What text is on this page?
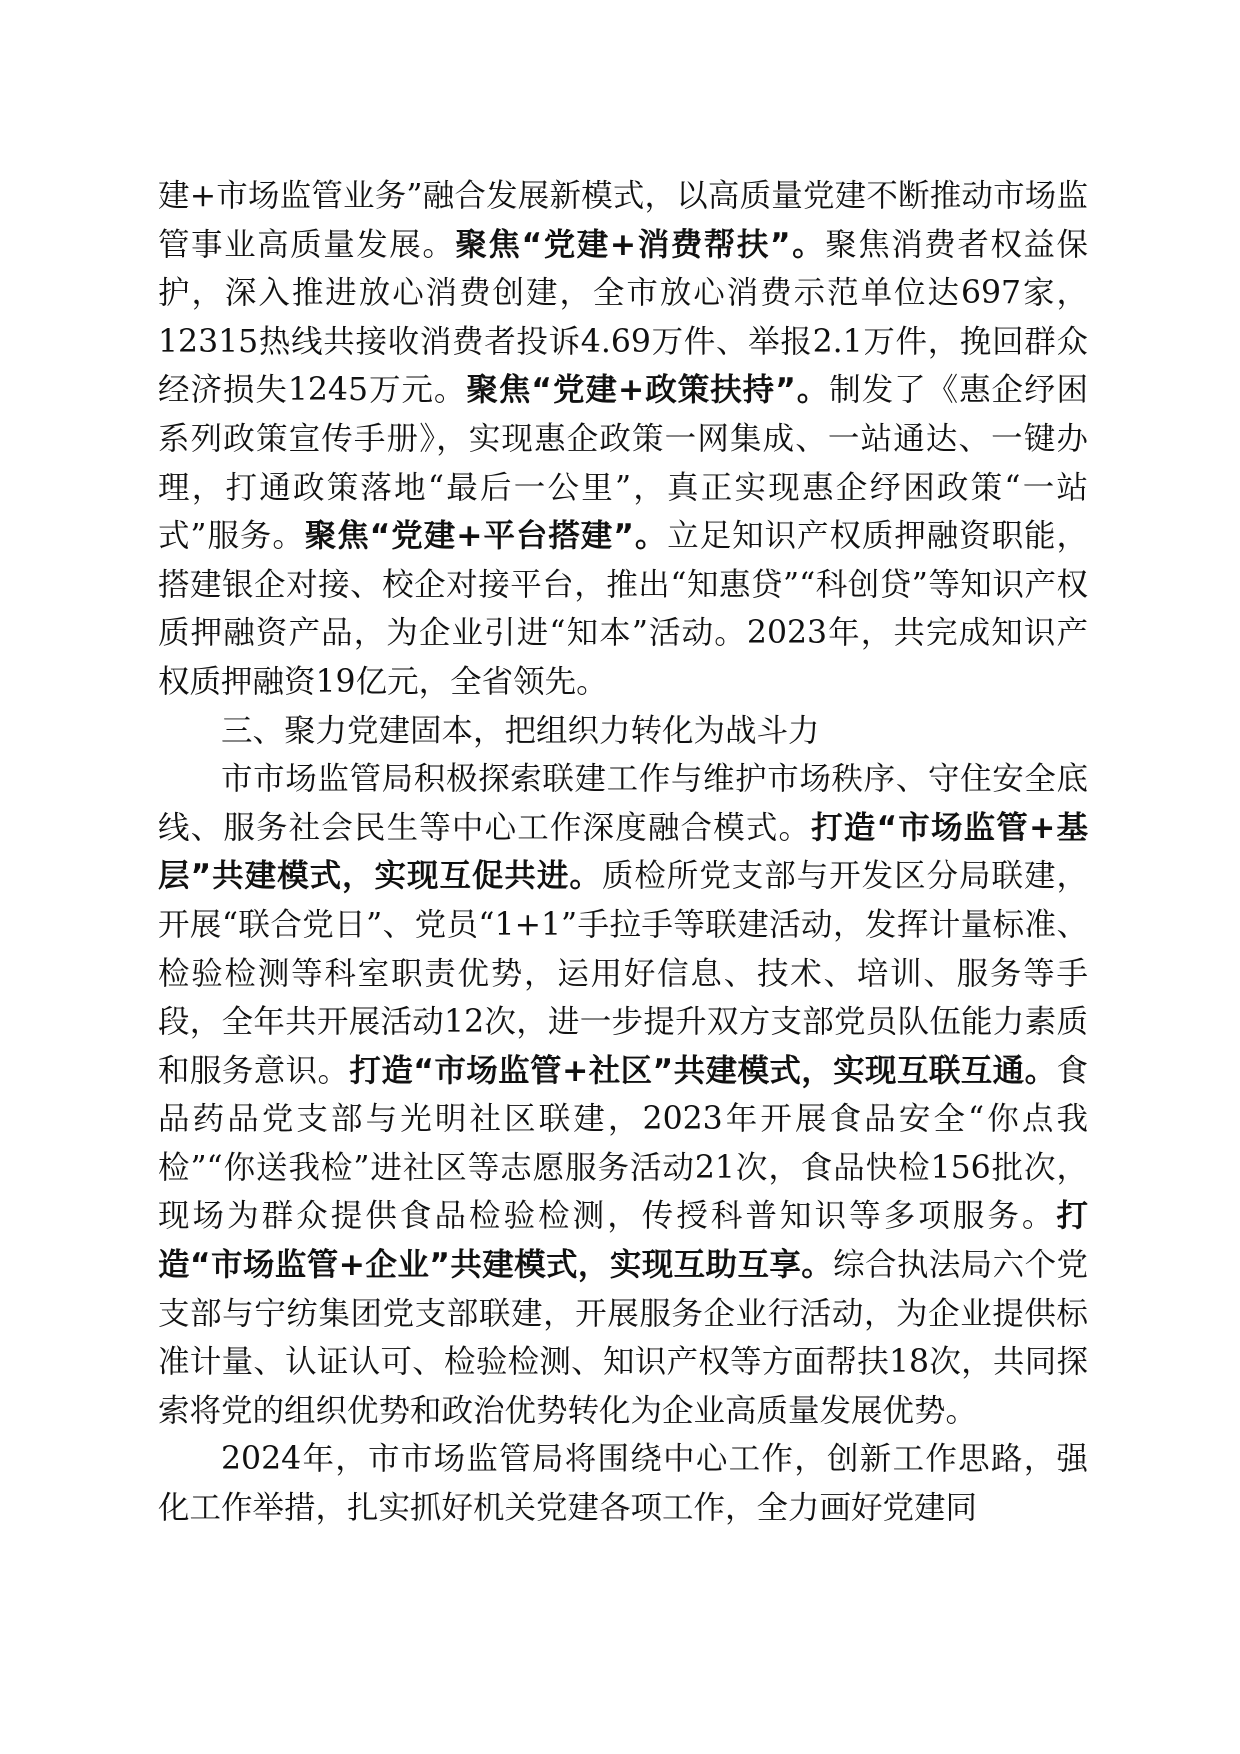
建+市场监管业务”融合发展新模式，以高质量党建不断推动市场监管事业高质量发展。聚焦“党建+消费帮扶”。聚焦消费者权益保护，深入推进放心消费创建，全市放心消费示范单位达697家，12315热线共接收消费者投诉4.69万件、举报2.1万件，挽回群众经济损失1245万元。聚焦“党建+政策扶持”。制发了《惠企纾困系列政策宣传手册》，实现惠企政策一网集成、一站通达、一键办理，打通政策落地“最后一公里”，真正实现惠企纾困政策“一站式”服务。聚焦“党建+平台搭建”。立足知识产权质押融资职能，搭建银企对接、校企对接平台，推出“知惠贷”“科创贷”等知识产权质押融资产品，为企业引进“知本”活动。2023年，共完成知识产权质押融资19亿元，全省领先。

三、聚力党建固本，把组织力转化为战斗力

市市场监管局积极探索联建工作与维护市场秩序、守住安全底线、服务社会民生等中心工作深度融合模式。打造“市场监管+基层”共建模式，实现互促共进。质检所党支部与开发区分局联建，开展“联合党日”、党员“1+1”手拉手等联建活动，发挥计量标准、检验检测等科室职责优势，运用好信息、技术、培训、服务等手段，全年共开展活动12次，进一步提升双方支部党员队伍能力素质和服务意识。打造“市场监管+社区”共建模式，实现互联互通。食品药品党支部与光明社区联建，2023年开展食品安全“你点我检”“你送我检”进社区等志愿服务活动21次，食品快检156批次，现场为群众提供食品检验检测，传授科普知识等多项服务。打造“市场监管+企业”共建模式，实现互助互享。综合执法局六个党支部与宁纺集团党支部联建，开展服务企业行活动，为企业提供标准计量、认证认可、检验检测、知识产权等方面帮扶18次，共同探索将党的组织优势和政治优势转化为企业高质量发展优势。

2024年，市市场监管局将围绕中心工作，创新工作思路，强化工作举措，扎实抓好机关党建各项工作，全力画好党建同
